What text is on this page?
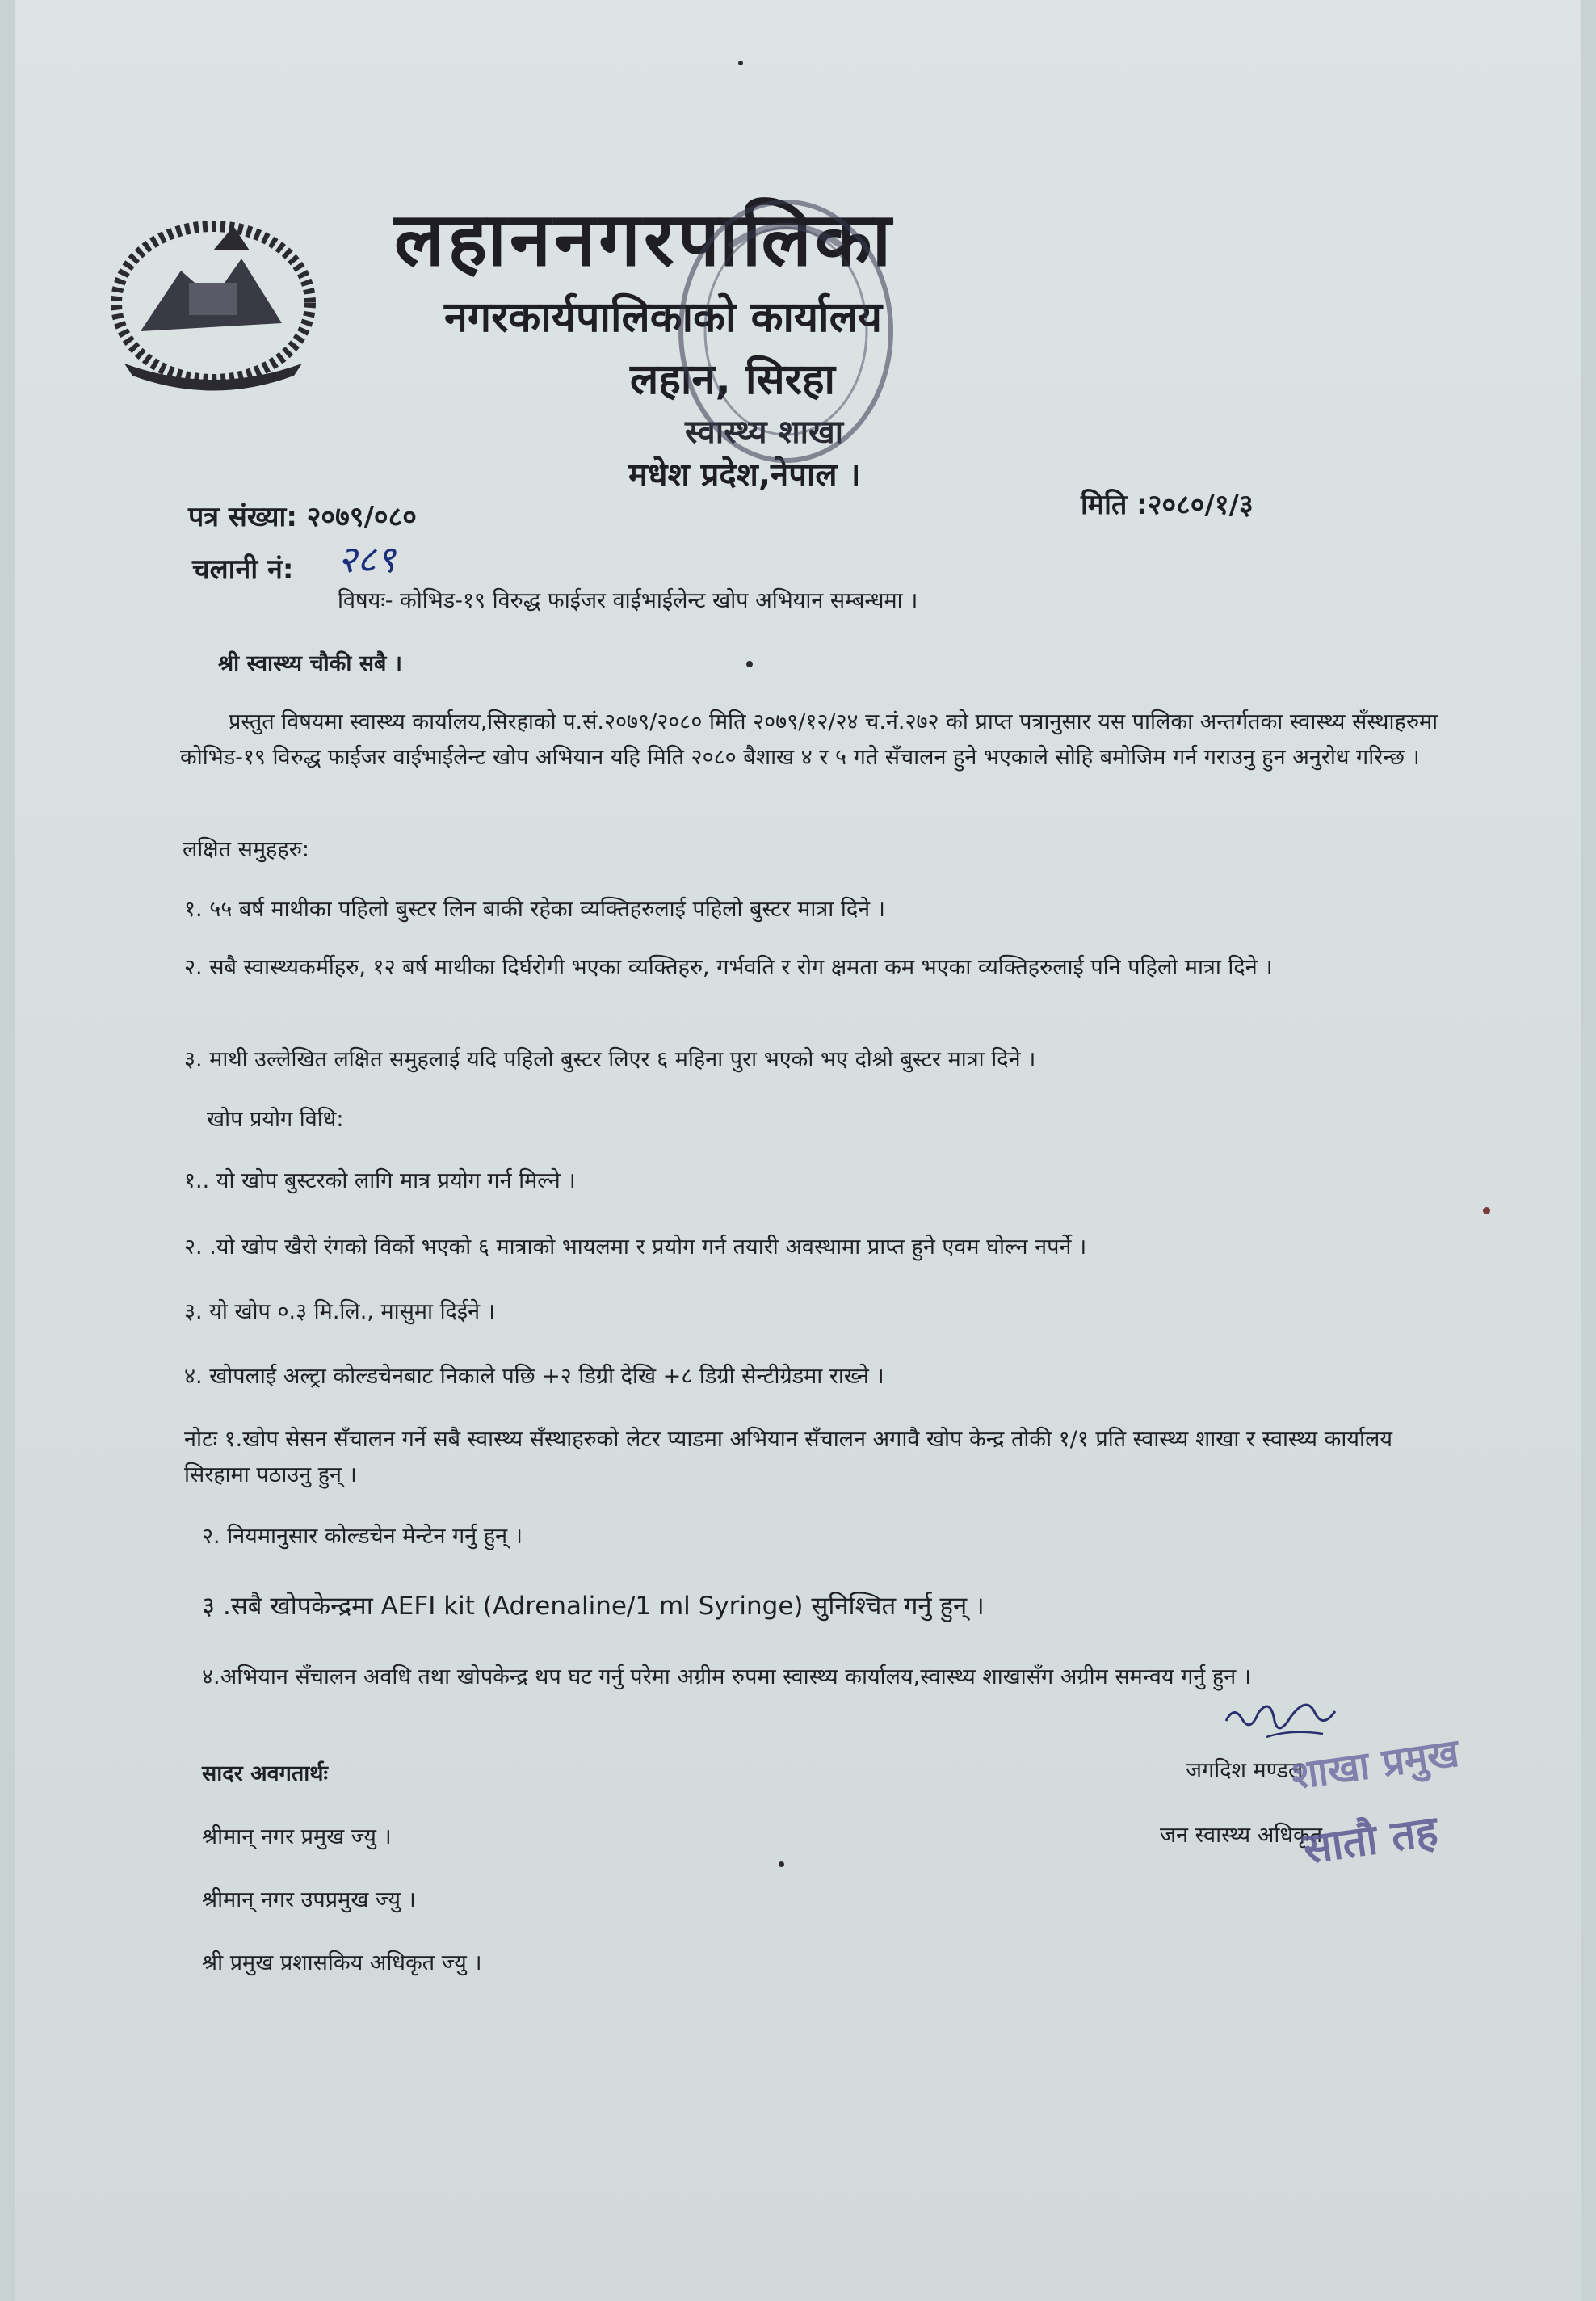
लहाननगरपालिका
नगरकार्यपालिकाको कार्यालय
लहान, सिरहा
स्वास्थ्य शाखा
मधेश प्रदेश,नेपाल ।
पत्र संख्या: २०७९/०८०	मिति :२०८०/१/३
चलानी नं: २८९
विषयः- कोभिड-१९ विरुद्ध फाईजर वाईभाईलेन्ट खोप अभियान सम्बन्धमा ।
श्री स्वास्थ्य चौकी सबै ।
प्रस्तुत विषयमा स्वास्थ्य कार्यालय,सिरहाको प.सं.२०७९/२०८० मिति २०७९/१२/२४ च.नं.२७२ को प्राप्त पत्रानुसार यस पालिका अन्तर्गतका स्वास्थ्य सँस्थाहरुमा कोभिड-१९ विरुद्ध फाईजर वाईभाईलेन्ट खोप अभियान यहि मिति २०८० बैशाख ४ र ५ गते सँचालन हुने भएकाले सोहि बमोजिम गर्न गराउनु हुन अनुरोध गरिन्छ ।
लक्षित समुहहरु:
१. ५५ बर्ष माथीका पहिलो बुस्टर लिन बाकी रहेका व्यक्तिहरुलाई पहिलो बुस्टर मात्रा दिने ।
२. सबै स्वास्थ्यकर्मीहरु, १२ बर्ष माथीका दिर्घरोगी भएका व्यक्तिहरु, गर्भवति र रोग क्षमता कम भएका व्यक्तिहरुलाई पनि पहिलो मात्रा दिने ।
३. माथी उल्लेखित लक्षित समुहलाई यदि पहिलो बुस्टर लिएर ६ महिना पुरा भएको भए दोश्रो बुस्टर मात्रा दिने ।
खोप प्रयोग विधि:
१.. यो खोप बुस्टरको लागि मात्र प्रयोग गर्न मिल्ने ।
२. .यो खोप खैरो रंगको विर्को भएको ६ मात्राको भायलमा र प्रयोग गर्न तयारी अवस्थामा प्राप्त हुने एवम घोल्न नपर्ने ।
३. यो खोप ०.३ मि.लि., मासुमा दिईने ।
४. खोपलाई अल्ट्रा कोल्डचेनबाट निकाले पछि +२ डिग्री देखि +८ डिग्री सेन्टीग्रेडमा राख्ने ।
नोटः १.खोप सेसन सँचालन गर्ने सबै स्वास्थ्य सँस्थाहरुको लेटर प्याडमा अभियान सँचालन अगावै खोप केन्द्र तोकी १/१ प्रति स्वास्थ्य शाखा र स्वास्थ्य कार्यालय सिरहामा पठाउनु हुन् ।
२. नियमानुसार कोल्डचेन मेन्टेन गर्नु हुन् ।
३ .सबै खोपकेन्द्रमा AEFI kit (Adrenaline/1 ml Syringe) सुनिश्चित गर्नु हुन् ।
४.अभियान सँचालन अवधि तथा खोपकेन्द्र थप घट गर्नु परेमा अग्रीम रुपमा स्वास्थ्य कार्यालय,स्वास्थ्य शाखासँग अग्रीम समन्वय गर्नु हुन ।
सादर अवगतार्थः
श्रीमान् नगर प्रमुख ज्यु ।
श्रीमान् नगर उपप्रमुख ज्यु ।
श्री प्रमुख प्रशासकिय अधिकृत ज्यु ।
जगदिश मण्डल
जन स्वास्थ्य अधिकृत
शाखा प्रमुख
सातौ तह
